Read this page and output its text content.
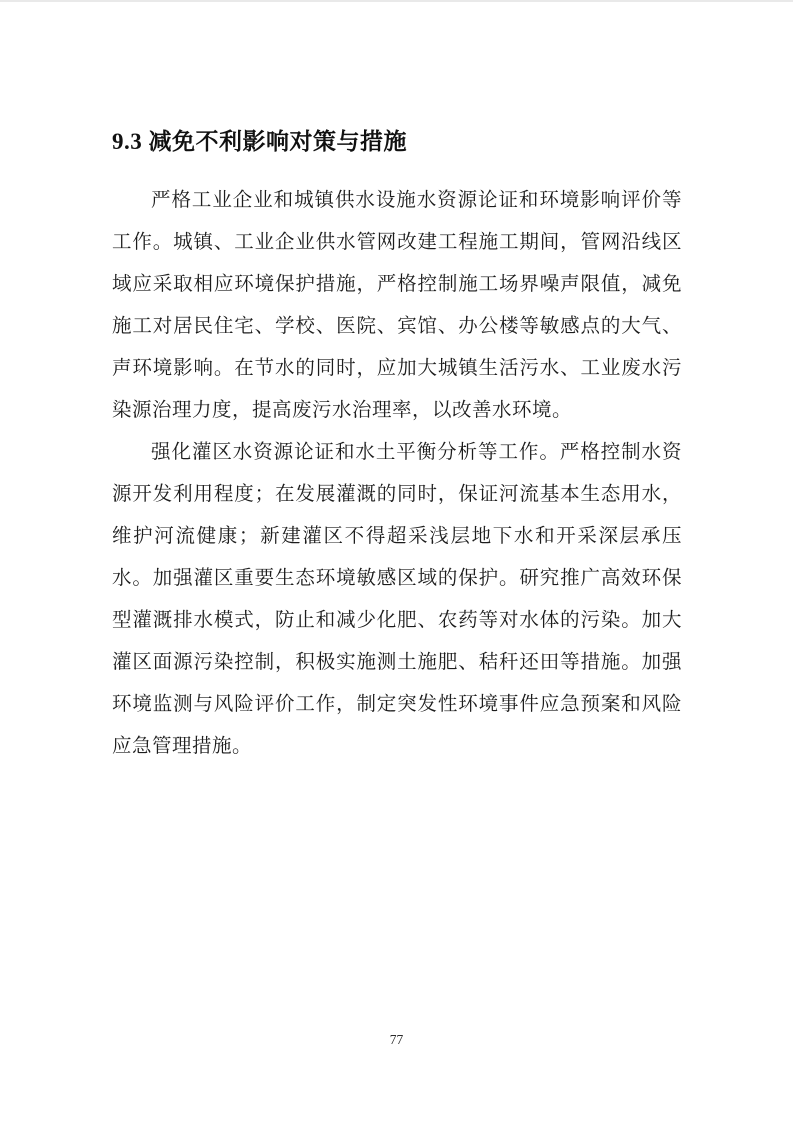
9.3 减免不利影响对策与措施

严格工业企业和城镇供水设施水资源论证和环境影响评价等工作。城镇、工业企业供水管网改建工程施工期间，管网沿线区域应采取相应环境保护措施，严格控制施工场界噪声限值，减免施工对居民住宅、学校、医院、宾馆、办公楼等敏感点的大气、声环境影响。在节水的同时，应加大城镇生活污水、工业废水污染源治理力度，提高废污水治理率，以改善水环境。

强化灌区水资源论证和水土平衡分析等工作。严格控制水资源开发利用程度；在发展灌溉的同时，保证河流基本生态用水，维护河流健康；新建灌区不得超采浅层地下水和开采深层承压水。加强灌区重要生态环境敏感区域的保护。研究推广高效环保型灌溉排水模式，防止和减少化肥、农药等对水体的污染。加大灌区面源污染控制，积极实施测土施肥、秸秆还田等措施。加强环境监测与风险评价工作，制定突发性环境事件应急预案和风险应急管理措施。

77
